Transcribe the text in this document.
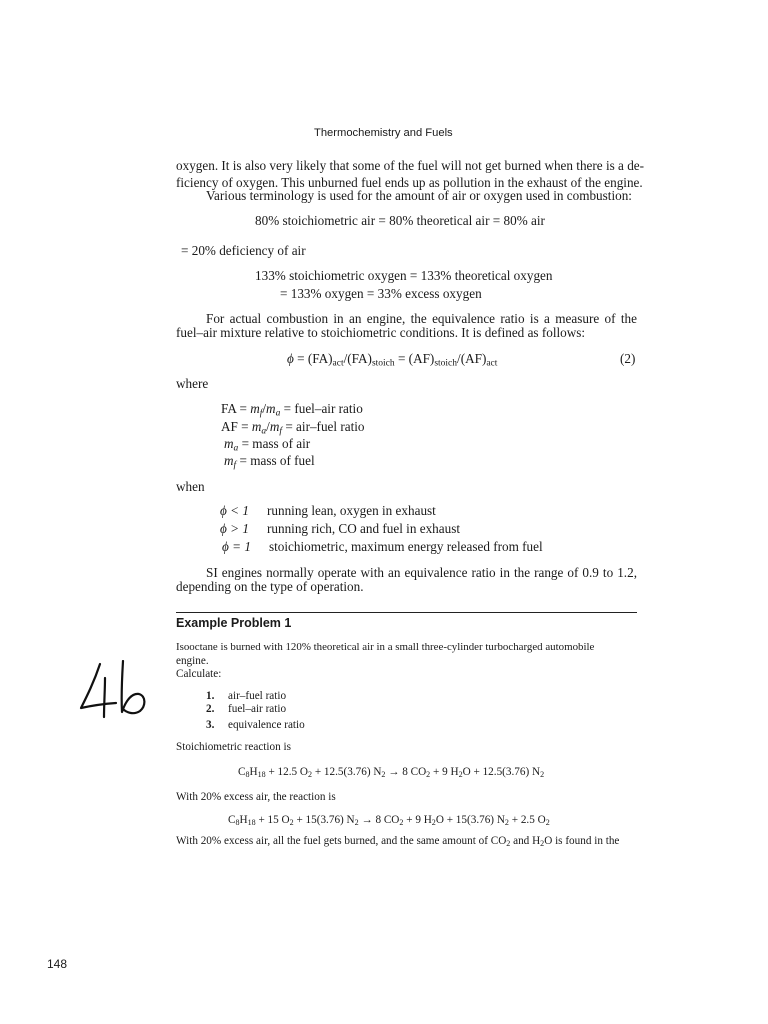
Thermochemistry and Fuels
oxygen. It is also very likely that some of the fuel will not get burned when there is a de-
ficiency of oxygen. This unburned fuel ends up as pollution in the exhaust of the engine.
Various terminology is used for the amount of air or oxygen used in combustion:
80% stoichiometric air = 80% theoretical air = 80% air
= 20% deficiency of air
133% stoichiometric oxygen = 133% theoretical oxygen
= 133% oxygen = 33% excess oxygen
For actual combustion in an engine, the equivalence ratio is a measure of the
fuel–air mixture relative to stoichiometric conditions. It is defined as follows:
$\phi = (FA)_{act}/(FA)_{stoich} = (AF)_{stoich}/(AF)_{act}$	(2)
where
FA = $m_f/m_a$ = fuel–air ratio
AF = $m_a/m_f$ = air–fuel ratio
$m_a$ = mass of air
$m_f$ = mass of fuel
when
ϕ < 1 running lean, oxygen in exhaust
ϕ > 1 running rich, CO and fuel in exhaust
ϕ = 1 stoichiometric, maximum energy released from fuel
SI engines normally operate with an equivalence ratio in the range of 0.9 to 1.2,
depending on the type of operation.
Example Problem 1
Isooctane is burned with 120% theoretical air in a small three-cylinder turbocharged automobile
engine.
Calculate:
1. air–fuel ratio
2. fuel–air ratio
3. equivalence ratio
Stoichiometric reaction is
$C_8H_{18} + 12.5$ $O_2 + 12.5(3.76) N_2 \to 8$ $CO_2 + 9$ $H_2O + 12.5(3.76)$ $N_2$
With 20% excess air, the reaction is
$C_8H_{18} + 15$ $O_2 + 15(3.76) N_2 \to 8$ $CO_2 + 9$ $H_2O + 15(3.76) N_2 + 2.5$ $O_2$
With 20% excess air, all the fuel gets burned, and the same amount of $CO_2$ and $H_2O$ is found in the
148
